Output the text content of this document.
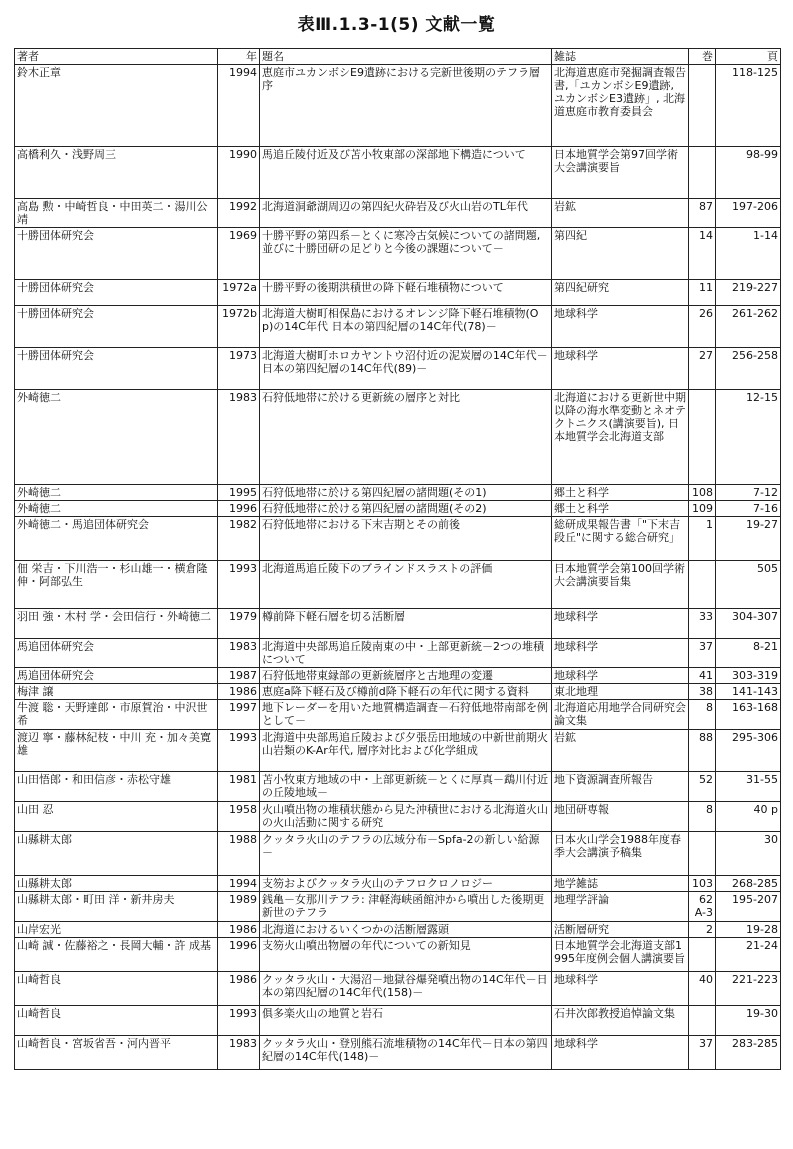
表Ⅲ.1.3-1(5) 文献一覧
著者	年	題名	雑誌	巻	頁
鈴木正章	1994	恵庭市ユカンボシE9遺跡における完新世後期のテフラ層序	北海道恵庭市発掘調査報告書,「ユカンボシE9遺跡, ユカンボシE3遺跡」, 北海道恵庭市教育委員会		118-125
高橋利久・浅野周三	1990	馬追丘陵付近及び苫小牧東部の深部地下構造について	日本地質学会第97回学術大会講演要旨		98-99
高島 勲・中崎哲良・中田英二・湯川公靖	1992	北海道洞爺湖周辺の第四紀火砕岩及び火山岩のTL年代	岩鉱	87	197-206
十勝団体研究会	1969	十勝平野の第四系－とくに寒冷古気候についての諸問題, 並びに十勝団研の足どりと今後の課題について－	第四紀	14	1-14
十勝団体研究会	1972a	十勝平野の後期洪積世の降下軽石堆積物について	第四紀研究	11	219-227
十勝団体研究会	1972b	北海道大樹町相保島におけるオレンジ降下軽石堆積物(Op)の14C年代 日本の第四紀層の14C年代(78)－	地球科学	26	261-262
十勝団体研究会	1973	北海道大樹町ホロカヤントウ沼付近の泥炭層の14C年代－日本の第四紀層の14C年代(89)－	地球科学	27	256-258
外崎徳二	1983	石狩低地帯に於ける更新統の層序と対比	北海道における更新世中期以降の海水準変動とネオテクトニクス(講演要旨), 日本地質学会北海道支部		12-15
外崎徳二	1995	石狩低地帯に於ける第四紀層の諸問題(その1)	郷土と科学	108	7-12
外崎徳二	1996	石狩低地帯に於ける第四紀層の諸問題(その2)	郷土と科学	109	7-16
外崎徳二・馬追団体研究会	1982	石狩低地帯における下末吉期とその前後	総研成果報告書「"下末吉段丘"に関する総合研究」	1	19-27
佃 栄吉・下川浩一・杉山雄一・横倉隆伸・阿部弘生	1993	北海道馬追丘陵下のブラインドスラストの評価	日本地質学会第100回学術大会講演要旨集		505
羽田 強・木村 学・会田信行・外崎徳二	1979	樽前降下軽石層を切る活断層	地球科学	33	304-307
馬追団体研究会	1983	北海道中央部馬追丘陵南東の中・上部更新統－2つの堆積について	地球科学	37	8-21
馬追団体研究会	1987	石狩低地帯東縁部の更新統層序と古地理の変遷	地球科学	41	303-319
梅津 譲	1986	恵庭a降下軽石及び樽前d降下軽石の年代に関する資料	東北地理	38	141-143
牛渡 聡・天野達郎・市原賀治・中沢世希	1997	地下レーダーを用いた地質構造調査－石狩低地帯南部を例として－	北海道応用地学合同研究会論文集	8	163-168
渡辺 寧・藤林紀枝・中川 充・加々美寛雄	1993	北海道中央部馬追丘陵および夕張岳田地域の中新世前期火山岩類のK-Ar年代, 層序対比および化学組成	岩鉱	88	295-306
山田悟郎・和田信彦・赤松守雄	1981	苫小牧東方地域の中・上部更新統－とくに厚真－鵡川付近の丘陵地域－	地下資源調査所報告	52	31-55
山田 忍	1958	火山噴出物の堆積状態から見た沖積世における北海道火山の火山活動に関する研究	地団研専報	8	40 p
山縣耕太郎	1988	クッタラ火山のテフラの広域分布－Spfa-2の新しい給源－	日本火山学会1988年度春季大会講演予稿集		30
山縣耕太郎	1994	支笏およびクッタラ火山のテフロクロノロジー	地学雑誌	103	268-285
山縣耕太郎・町田 洋・新井房夫	1989	銭亀－女那川テフラ: 津軽海峡函館沖から噴出した後期更新世のテフラ	地理学評論	62 A-3	195-207
山岸宏光	1986	北海道におけるいくつかの活断層露頭	活断層研究	2	19-28
山崎 誠・佐藤裕之・長岡大輔・許 成基	1996	支笏火山噴出物層の年代についての新知見	日本地質学会北海道支部1995年度例会個人講演要旨		21-24
山崎哲良	1986	クッタラ火山・大湯沼－地獄谷爆発噴出物の14C年代－日本の第四紀層の14C年代(158)－	地球科学	40	221-223
山崎哲良	1993	俱多楽火山の地質と岩石	石井次郎教授追悼論文集		19-30
山崎哲良・宮坂省吾・河内晋平	1983	クッタラ火山・登別熊石流堆積物の14C年代－日本の第四紀層の14C年代(148)－	地球科学	37	283-285
